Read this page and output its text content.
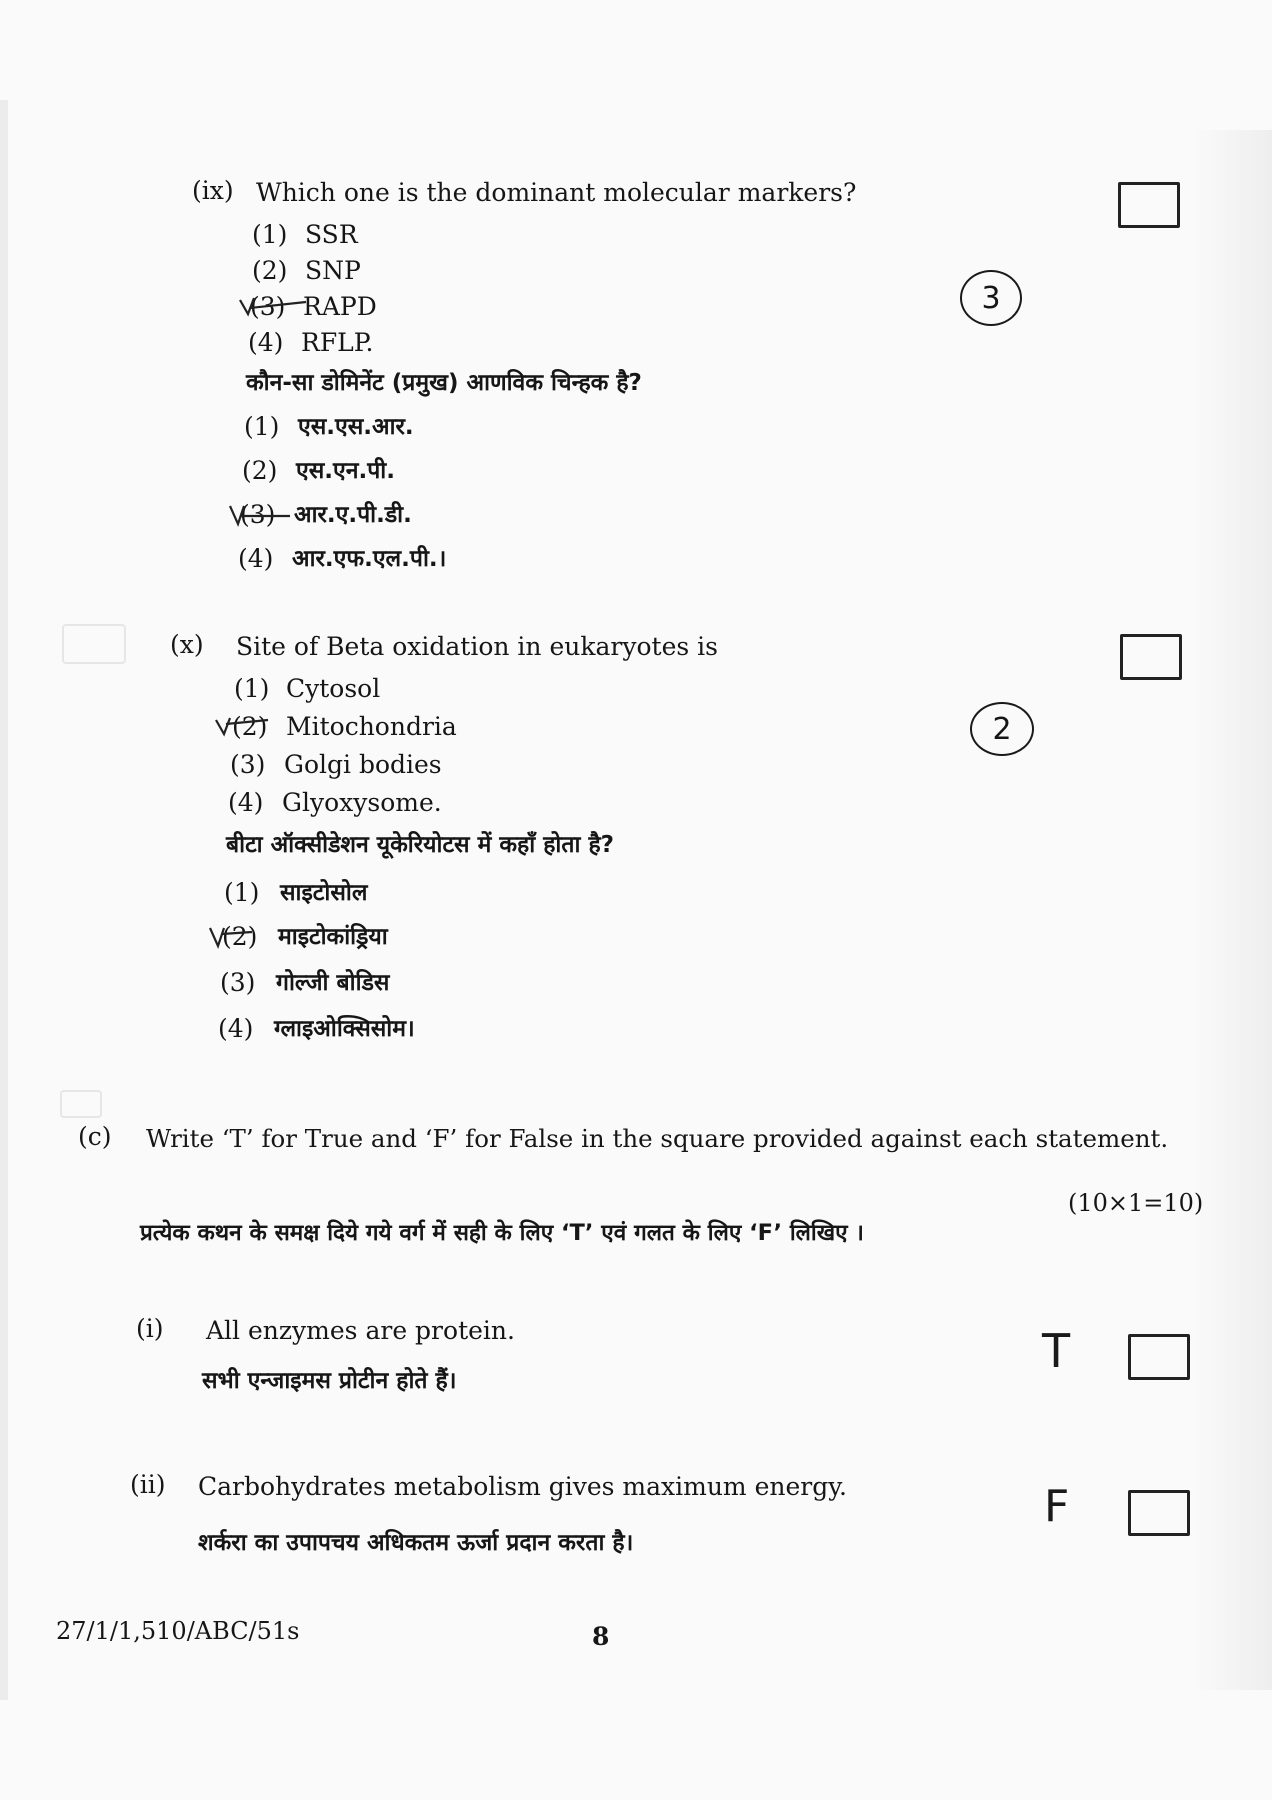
(ix) Which one is the dominant molecular markers?
(1) SSR
(2) SNP
(3) RAPD
(4) RFLP.
3
कौन-सा डोमिनेंट (प्रमुख) आणविक चिन्हक है?
(1) एस.एस.आर.
(2) एस.एन.पी.
(3) आर.ए.पी.डी.
(4) आर.एफ.एल.पी.।
(x) Site of Beta oxidation in eukaryotes is
(1) Cytosol
(2) Mitochondria
(3) Golgi bodies
(4) Glyoxysome.
2
बीटा ऑक्सीडेशन यूकेरियोटस में कहाँ होता है?
(1) साइटोसोल
(2) माइटोकांड्रिया
(3) गोल्जी बोडिस
(4) ग्लाइओक्सिसोम।
(c) Write ‘T’ for True and ‘F’ for False in the square provided against each statement.
(10×1=10)
प्रत्येक कथन के समक्ष दिये गये वर्ग में सही के लिए ‘T’ एवं गलत के लिए ‘F’ लिखिए ।
(i) All enzymes are protein.
सभी एन्जाइमस प्रोटीन होते हैं।
T
(ii) Carbohydrates metabolism gives maximum energy.
शर्करा का उपापचय अधिकतम ऊर्जा प्रदान करता है।
F
27/1/1,510/ABC/51s	8
